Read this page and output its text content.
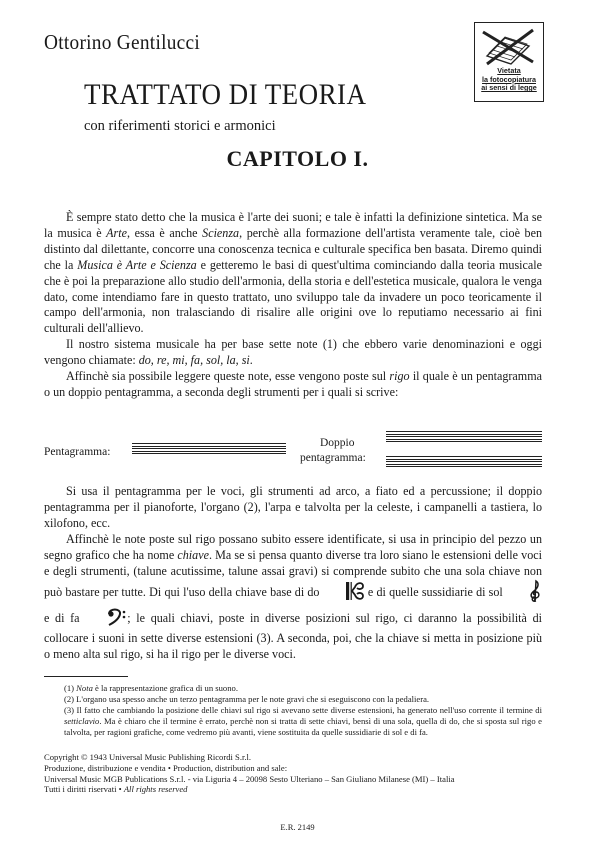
Ottorino Gentilucci
TRATTATO DI TEORIA
con riferimenti storici e armonici
CAPITOLO I.
Vietata
la fotocopiatura
ai sensi di legge

È sempre stato detto che la musica è l'arte dei suoni; e tale è infatti la definizione sintetica. Ma se la musica è Arte, essa è anche Scienza, perchè alla formazione dell'artista veramente tale, cioè ben distinto dal dilettante, concorre una conoscenza tecnica e culturale specifica ben basata. Diremo quindi che la Musica è Arte e Scienza e getteremo le basi di quest'ultima cominciando dalla teoria musicale che è poi la preparazione allo studio dell'armonia, della storia e dell'estetica musicale, qualora le venga dato, come intendiamo fare in questo trattato, uno sviluppo tale da invadere un poco teoricamente il campo dell'armonia, non tralasciando di risalire alle origini ove lo reputiamo necessario ai fini culturali dell'allievo.

Il nostro sistema musicale ha per base sette note (1) che ebbero varie denominazioni e oggi vengono chiamate: do, re, mi, fa, sol, la, si.

Affinchè sia possibile leggere queste note, esse vengono poste sul rigo il quale è un pentagramma o un doppio pentagramma, a seconda degli strumenti per i quali si scrive:

Pentagramma:
Doppio
pentagramma:

Si usa il pentagramma per le voci, gli strumenti ad arco, a fiato ed a percussione; il doppio pentagramma per il pianoforte, l'organo (2), l'arpa e talvolta per la celeste, i campanelli a tastiera, lo xilofono, ecc.

Affinchè le note poste sul rigo possano subito essere identificate, si usa in principio del pezzo un segno grafico che ha nome chiave. Ma se si pensa quanto diverse tra loro siano le estensioni delle voci e degli strumenti, (talune acutissime, talune assai gravi) si comprende subito che una sola chiave non può bastare per tutte. Di qui l'uso della chiave base di do	e di quelle sussidiarie di sol  e di fa	; le quali chiavi, poste in diverse posizioni sul rigo, ci daranno la possibilità di collocare i suoni in sette diverse estensioni (3). A seconda, poi, che la chiave si metta in posizione più o meno alta sul rigo, si ha il rigo per le diverse voci.

(1) Nota è la rappresentazione grafica di un suono.

(2) L'organo usa spesso anche un terzo pentagramma per le note gravi che si eseguiscono con la pedaliera.

(3) Il fatto che cambiando la posizione delle chiavi sul rigo si avevano sette diverse estensioni, ha generato nell'uso corrente il termine di setticlavio. Ma è chiaro che il termine è errato, perchè non si tratta di sette chiavi, bensì di una sola, quella di do, che si sposta sul rigo e talvolta, per ragioni grafiche, come vedremo più avanti, viene sostituita da quelle sussidiarie di sol e di fa.

Copyright © 1943 Universal Music Publishing Ricordi S.r.l.
Produzione, distribuzione e vendita • Production, distribution and sale:
Universal Music MGB Publications S.r.l. - via Liguria 4 – 20098 Sesto Ulteriano – San Giuliano Milanese (MI) – Italia
Tutti i diritti riservati • All rights reserved
E.R. 2149
